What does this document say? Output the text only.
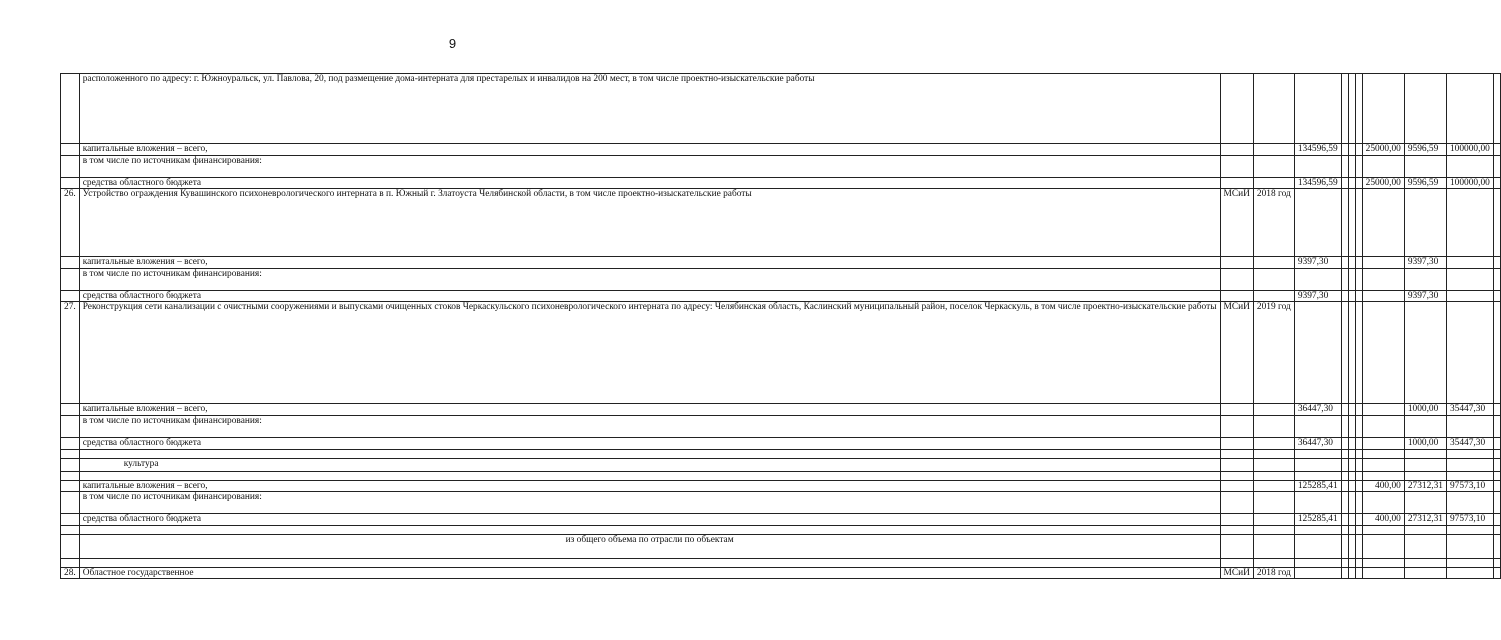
9
	расположенного по адресу: г. Южноуральск, ул. Павлова, 20, под размещение дома-интерната для престарелых и инвалидов на 200 мест, в том числе проектно-изыскательские работы										
	капитальные вложения – всего,			134596,59				25000,00	9596,59	100000,00	
	в том числе по источникам финансирования:										
	средства областного бюджета			134596,59				25000,00	9596,59	100000,00	
26.	Устройство ограждения Кувашинского психоневрологического интерната в п. Южный г. Златоуста Челябинской области, в том числе проектно-изыскательские работы	МСиИ	2018 год								
	капитальные вложения – всего,			9397,30					9397,30		
	в том числе по источникам финансирования:										
	средства областного бюджета			9397,30					9397,30		
27.	Реконструкция сети канализации с очистными сооружениями и выпусками очищенных стоков Черкаскульского психоневрологического интерната по адресу: Челябинская область, Каслинский муниципальный район, поселок Черкаскуль, в том числе проектно-изыскательские работы	МСиИ	2019 год								
	капитальные вложения – всего,			36447,30					1000,00	35447,30	
	в том числе по источникам финансирования:										
	средства областного бюджета			36447,30					1000,00	35447,30	

	культура										

	капитальные вложения – всего,			125285,41				400,00	27312,31	97573,10	
	в том числе по источникам финансирования:										
	средства областного бюджета			125285,41				400,00	27312,31	97573,10	

	из общего объема по отрасли по объектам										

28.	Областное государственное	МСиИ	2018 год								
